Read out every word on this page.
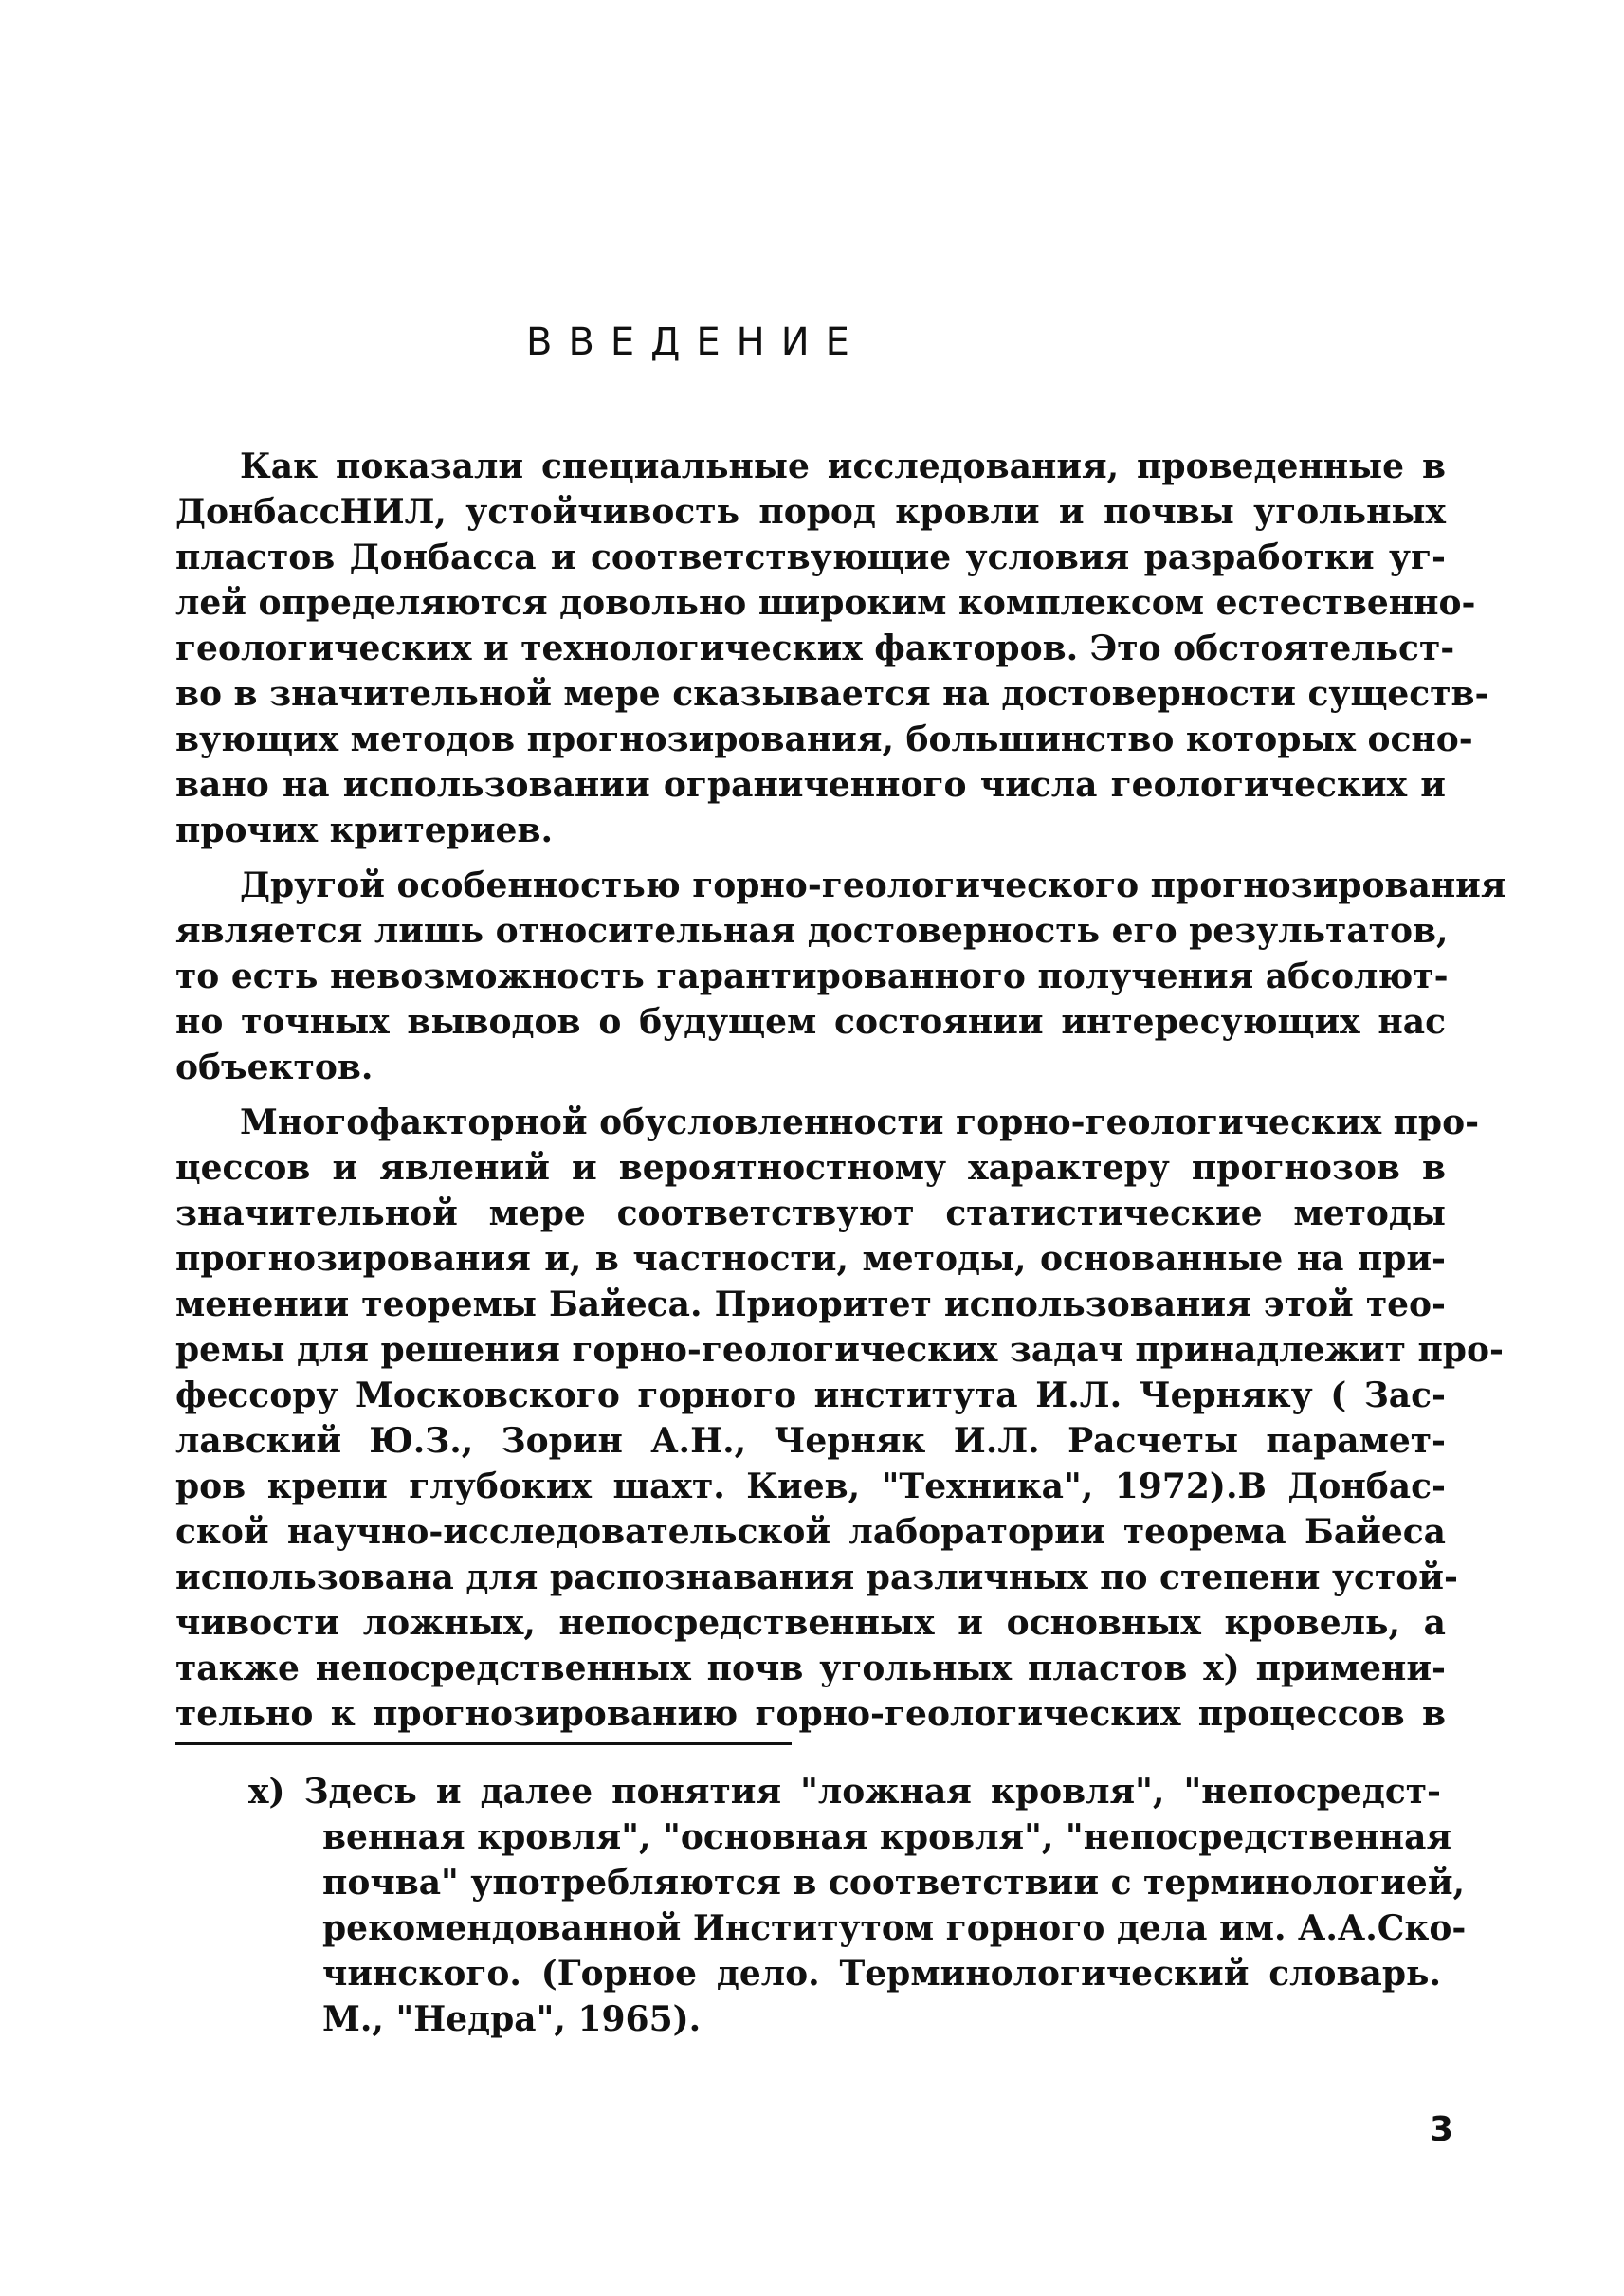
ВВЕДЕНИЕ
Как показали специальные исследования, проведенные в
ДонбассНИЛ, устойчивость пород кровли и почвы угольных
пластов Донбасса и соответствующие условия разработки уг-
лей определяются довольно широким комплексом естественно-
геологических и технологических факторов. Это обстоятельст-
во в значительной мере сказывается на достоверности существ-
вующих методов прогнозирования, большинство которых осно-
вано на использовании ограниченного числа геологических и
прочих критериев.
Другой особенностью горно-геологического прогнозирования
является лишь относительная достоверность его результатов,
то есть невозможность гарантированного получения абсолют-
но точных выводов о будущем состоянии интересующих нас
объектов.
Многофакторной обусловленности горно-геологических про-
цессов и явлений и вероятностному характеру прогнозов в
значительной мере соответствуют статистические методы
прогнозирования и, в частности, методы, основанные на при-
менении теоремы Байеса. Приоритет использования этой тео-
ремы для решения горно-геологических задач принадлежит про-
фессору Московского горного института И.Л. Черняку ( Зас-
лавский Ю.З., Зорин А.Н., Черняк И.Л. Расчеты парамет-
ров крепи глубоких шахт. Киев, "Техника", 1972).В Донбас-
ской научно-исследовательской лаборатории теорема Байеса
использована для распознавания различных по степени устой-
чивости ложных, непосредственных и основных кровель, а
также непосредственных почв угольных пластов х) примени-
тельно к прогнозированию горно-геологических процессов в
х) Здесь и далее понятия "ложная кровля", "непосредст-
венная кровля", "основная кровля", "непосредственная
почва" употребляются в соответствии с терминологией,
рекомендованной Институтом горного дела им. А.А.Ско-
чинского. (Горное дело. Терминологический словарь.
М., "Недра", 1965).
3
